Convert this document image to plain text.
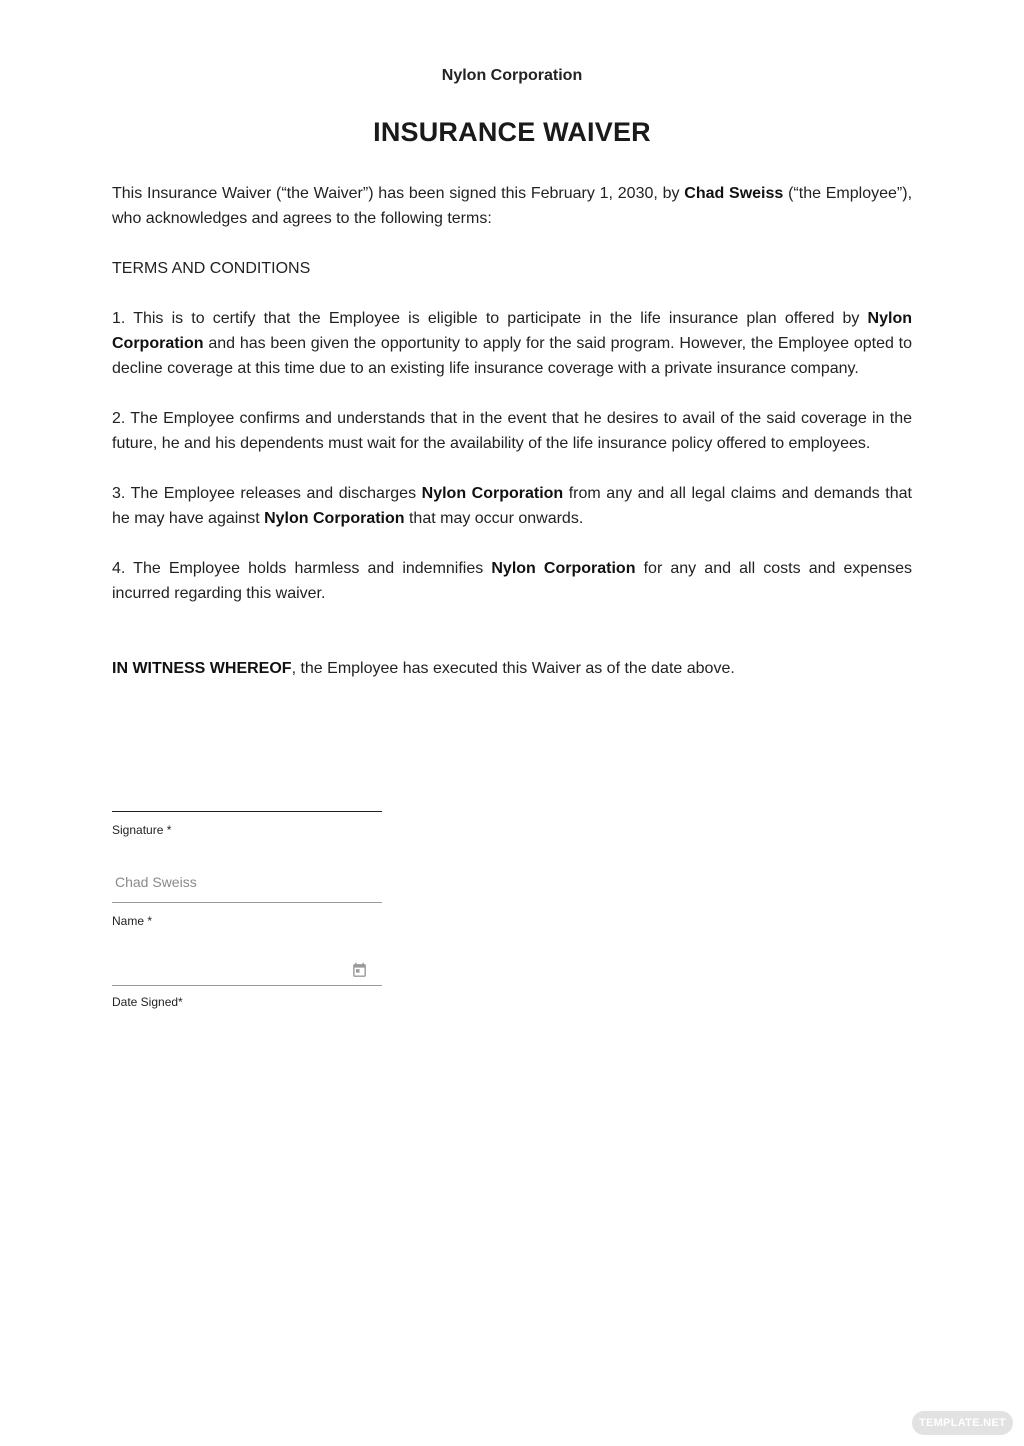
Nylon Corporation
INSURANCE WAIVER
This Insurance Waiver (“the Waiver”) has been signed this February 1, 2030, by Chad Sweiss (“the Employee”), who acknowledges and agrees to the following terms:
TERMS AND CONDITIONS
1. This is to certify that the Employee is eligible to participate in the life insurance plan offered by Nylon Corporation and has been given the opportunity to apply for the said program. However, the Employee opted to decline coverage at this time due to an existing life insurance coverage with a private insurance company.
2. The Employee confirms and understands that in the event that he desires to avail of the said coverage in the future, he and his dependents must wait for the availability of the life insurance policy offered to employees.
3. The Employee releases and discharges Nylon Corporation from any and all legal claims and demands that he may have against Nylon Corporation that may occur onwards.
4. The Employee holds harmless and indemnifies Nylon Corporation for any and all costs and expenses incurred regarding this waiver.
IN WITNESS WHEREOF, the Employee has executed this Waiver as of the date above.
Signature *
Chad Sweiss
Name *
Date Signed*
TEMPLATE.NET
